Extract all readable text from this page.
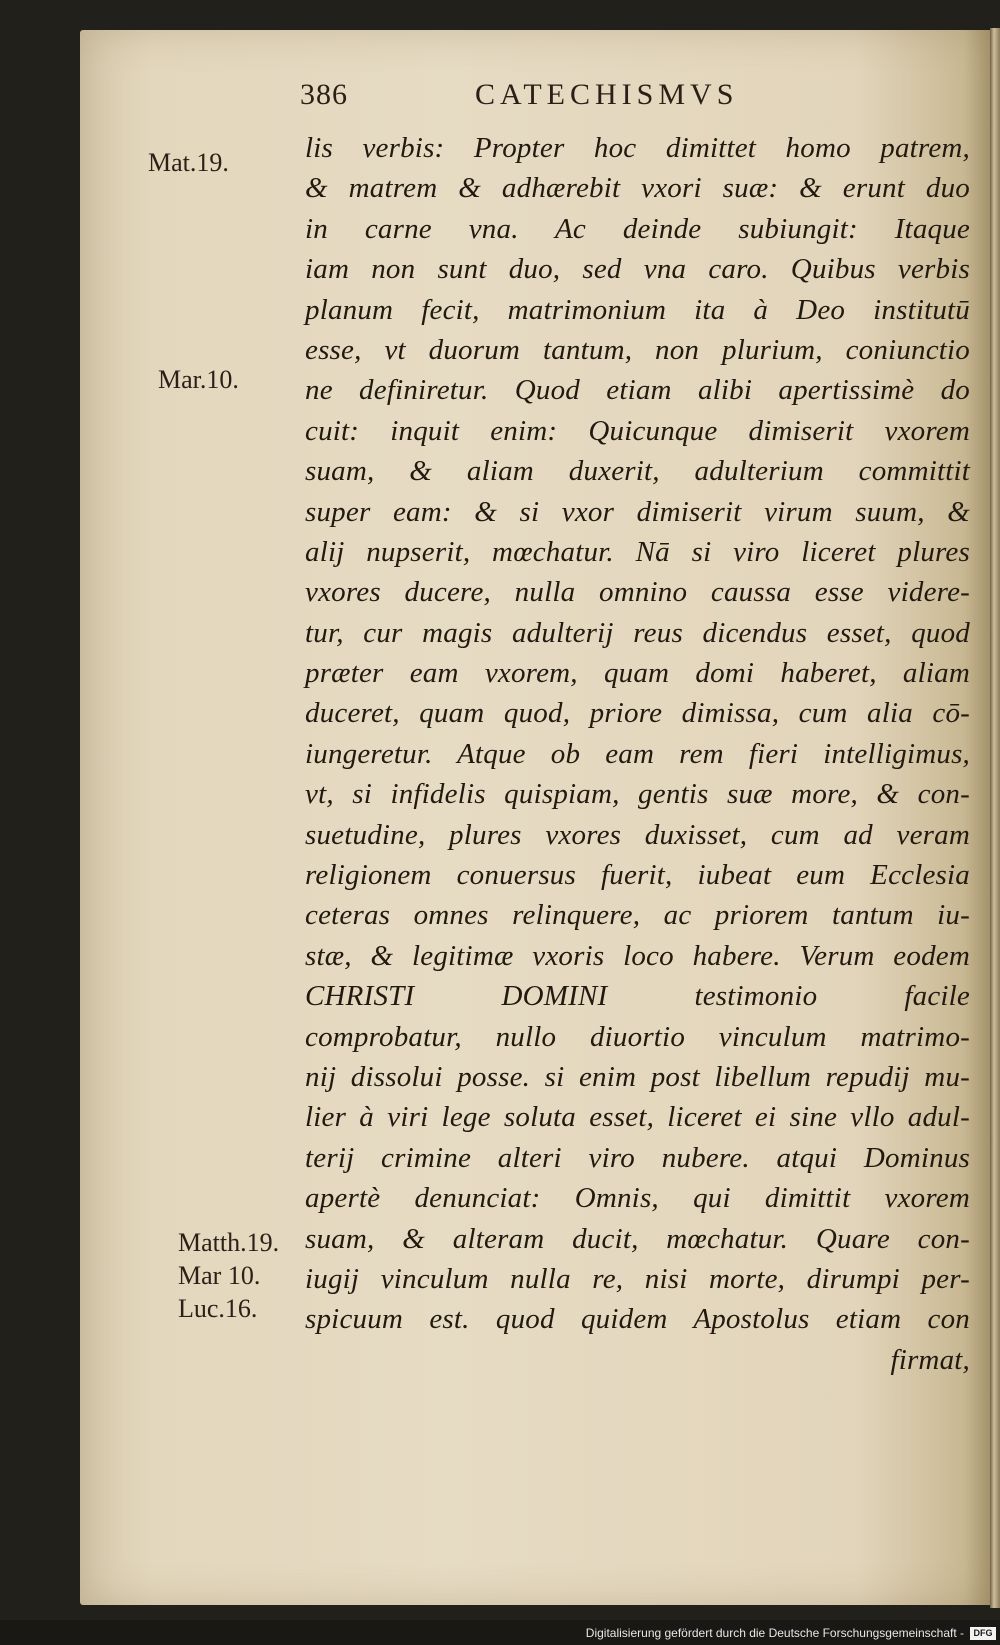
386	CATECHISMVS
Mat.19.
Mar.10.
Matth.19.
Mar 10.
Luc.16.
lis verbis: Propter hoc dimittet homo patrem,
& matrem & adhærebit vxori suæ: & erunt duo
in carne vna. Ac deinde subiungit: Itaque
iam non sunt duo, sed vna caro. Quibus verbis
planum fecit, matrimonium ita à Deo institutū
esse, vt duorum tantum, non plurium, coniunctio
ne definiretur. Quod etiam alibi apertissimè do
cuit: inquit enim: Quicunque dimiserit vxorem
suam, & aliam duxerit, adulterium committit
super eam: & si vxor dimiserit virum suum, &
alij nupserit, mœchatur. Nā si viro liceret plures
vxores ducere, nulla omnino caussa esse videre-
tur, cur magis adulterij reus dicendus esset, quod
præter eam vxorem, quam domi haberet, aliam
duceret, quam quod, priore dimissa, cum alia cō-
iungeretur. Atque ob eam rem fieri intelligimus,
vt, si infidelis quispiam, gentis suæ more, & con-
suetudine, plures vxores duxisset, cum ad veram
religionem conuersus fuerit, iubeat eum Ecclesia
ceteras omnes relinquere, ac priorem tantum iu-
stæ, & legitimæ vxoris loco habere. Verum eodem
CHRISTI DOMINI testimonio facile
comprobatur, nullo diuortio vinculum matrimo-
nij dissolui posse. si enim post libellum repudij mu-
lier à viri lege soluta esset, liceret ei sine vllo adul-
terij crimine alteri viro nubere. atqui Dominus
apertè denunciat: Omnis, qui dimittit vxorem
suam, & alteram ducit, mœchatur. Quare con-
iugij vinculum nulla re, nisi morte, dirumpi per-
spicuum est. quod quidem Apostolus etiam con
firmat,
Digitalisierung gefördert durch die Deutsche Forschungsgemeinschaft -	DFG
